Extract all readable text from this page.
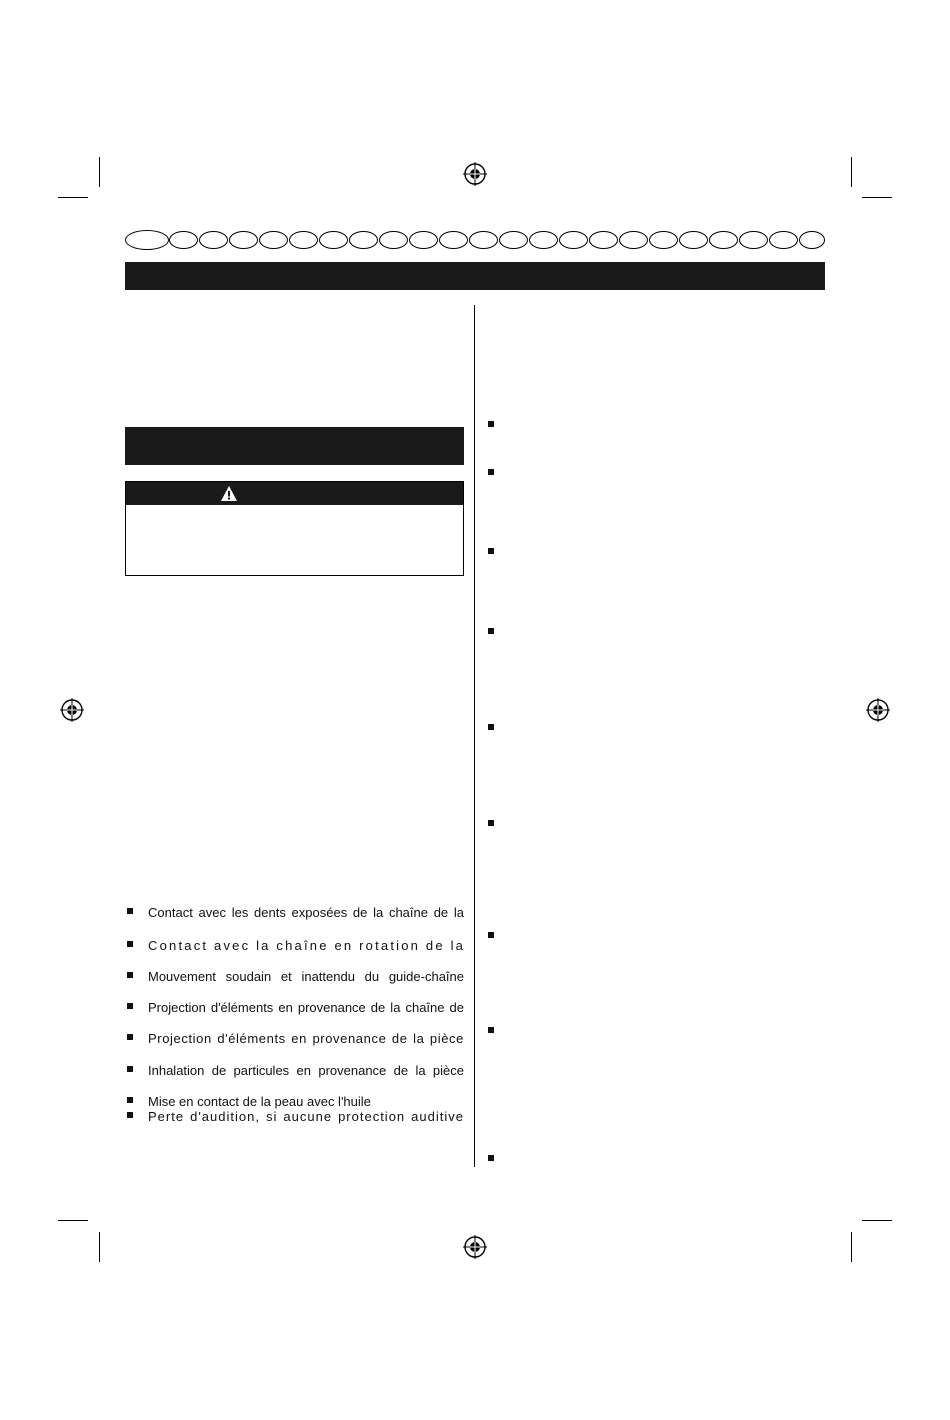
Contact avec les dents exposées de la chaîne de la
Contact avec la chaîne en rotation de la
Mouvement soudain et inattendu du guide-chaîne
Projection d'éléments en provenance de la chaîne de
Projection d'éléments en provenance de la pièce
Inhalation de particules en provenance de la pièce
Mise en contact de la peau avec l'huile
Perte d'audition, si aucune protection auditive
